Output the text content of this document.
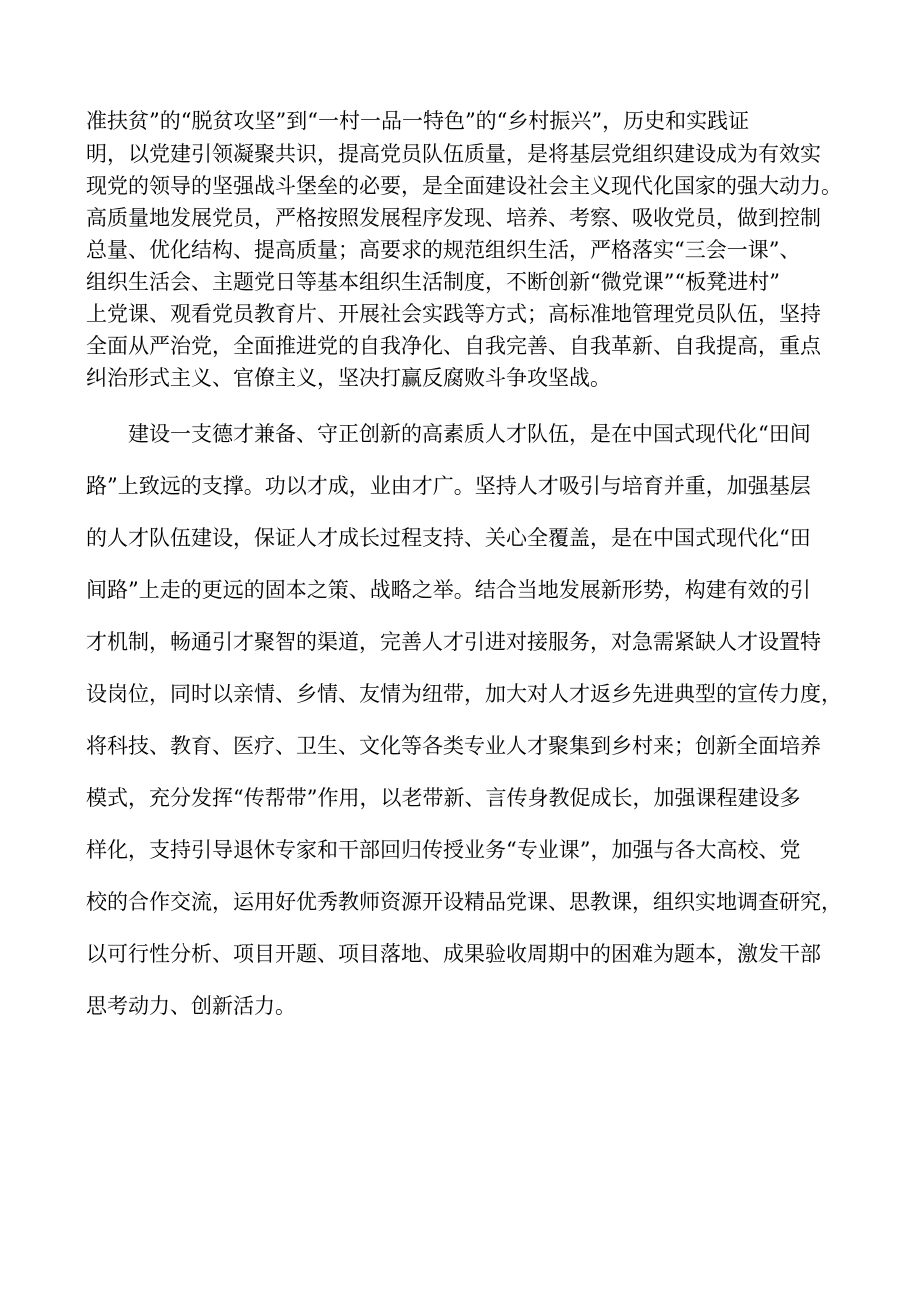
准扶贫”的“脱贫攻坚”到“一村一品一特色”的“乡村振兴”，历史和实践证
明，以党建引领凝聚共识，提高党员队伍质量，是将基层党组织建设成为有效实
现党的领导的坚强战斗堡垒的必要，是全面建设社会主义现代化国家的强大动力。
高质量地发展党员，严格按照发展程序发现、培养、考察、吸收党员，做到控制
总量、优化结构、提高质量；高要求的规范组织生活，严格落实“三会一课”、
组织生活会、主题党日等基本组织生活制度，不断创新“微党课”“板凳进村”
上党课、观看党员教育片、开展社会实践等方式；高标准地管理党员队伍，坚持
全面从严治党，全面推进党的自我净化、自我完善、自我革新、自我提高，重点
纠治形式主义、官僚主义，坚决打赢反腐败斗争攻坚战。
建设一支德才兼备、守正创新的高素质人才队伍，是在中国式现代化“田间
路”上致远的支撑。功以才成，业由才广。坚持人才吸引与培育并重，加强基层
的人才队伍建设，保证人才成长过程支持、关心全覆盖，是在中国式现代化“田
间路”上走的更远的固本之策、战略之举。结合当地发展新形势，构建有效的引
才机制，畅通引才聚智的渠道，完善人才引进对接服务，对急需紧缺人才设置特
设岗位，同时以亲情、乡情、友情为纽带，加大对人才返乡先进典型的宣传力度，
将科技、教育、医疗、卫生、文化等各类专业人才聚集到乡村来；创新全面培养
模式，充分发挥“传帮带”作用，以老带新、言传身教促成长，加强课程建设多
样化，支持引导退休专家和干部回归传授业务“专业课”，加强与各大高校、党
校的合作交流，运用好优秀教师资源开设精品党课、思教课，组织实地调查研究，
以可行性分析、项目开题、项目落地、成果验收周期中的困难为题本，激发干部
思考动力、创新活力。
